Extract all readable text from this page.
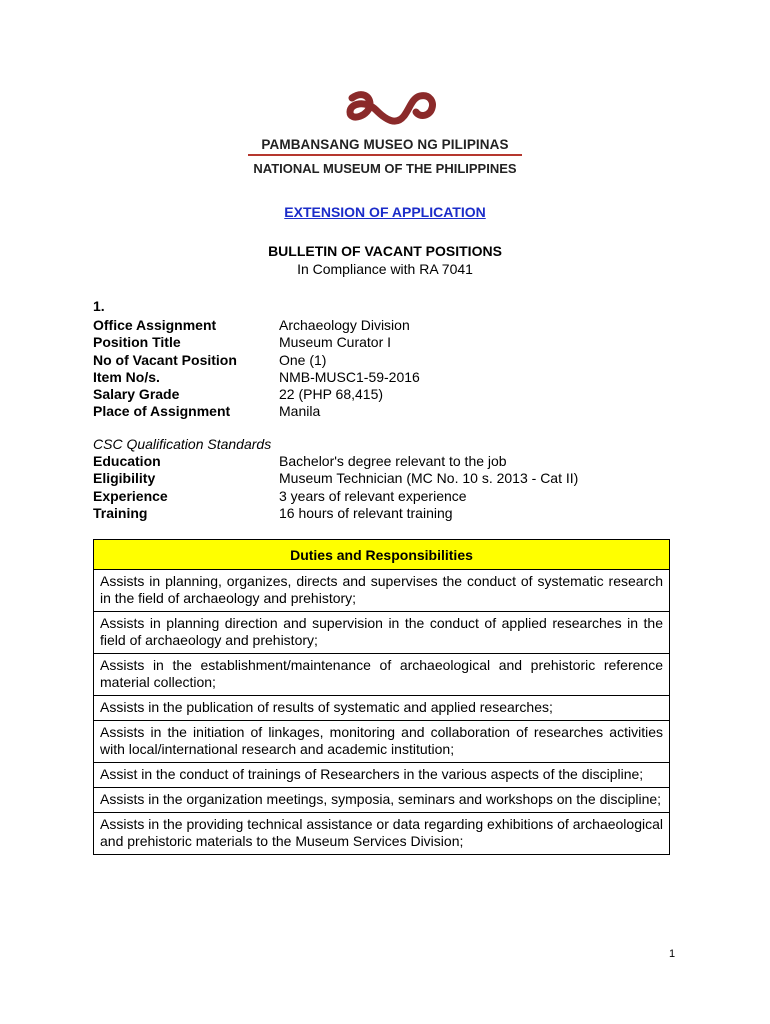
PAMBANSANG MUSEO NG PILIPINAS
NATIONAL MUSEUM OF THE PHILIPPINES
EXTENSION OF APPLICATION
BULLETIN OF VACANT POSITIONS
In Compliance with RA 7041
1.
Office Assignment	Archaeology Division
Position Title	Museum Curator I
No of Vacant Position	One (1)
Item No/s.	NMB-MUSC1-59-2016
Salary Grade	22 (PHP 68,415)
Place of Assignment	Manila
CSC Qualification Standards
Education	Bachelor's degree relevant to the job
Eligibility	Museum Technician (MC No. 10 s. 2013 - Cat II)
Experience	3 years of relevant experience
Training	16 hours of relevant training
Duties and Responsibilities
Assists in planning, organizes, directs and supervises the conduct of systematic research in the field of archaeology and prehistory;
Assists in planning direction and supervision in the conduct of applied researches in the field of archaeology and prehistory;
Assists in the establishment/maintenance of archaeological and prehistoric reference material collection;
Assists in the publication of results of systematic and applied researches;
Assists in the initiation of linkages, monitoring and collaboration of researches activities with local/international research and academic institution;
Assist in the conduct of trainings of Researchers in the various aspects of the discipline;
Assists in the organization meetings, symposia, seminars and workshops on the discipline;
Assists in the providing technical assistance or data regarding exhibitions of archaeological and prehistoric materials to the Museum Services Division;
1
